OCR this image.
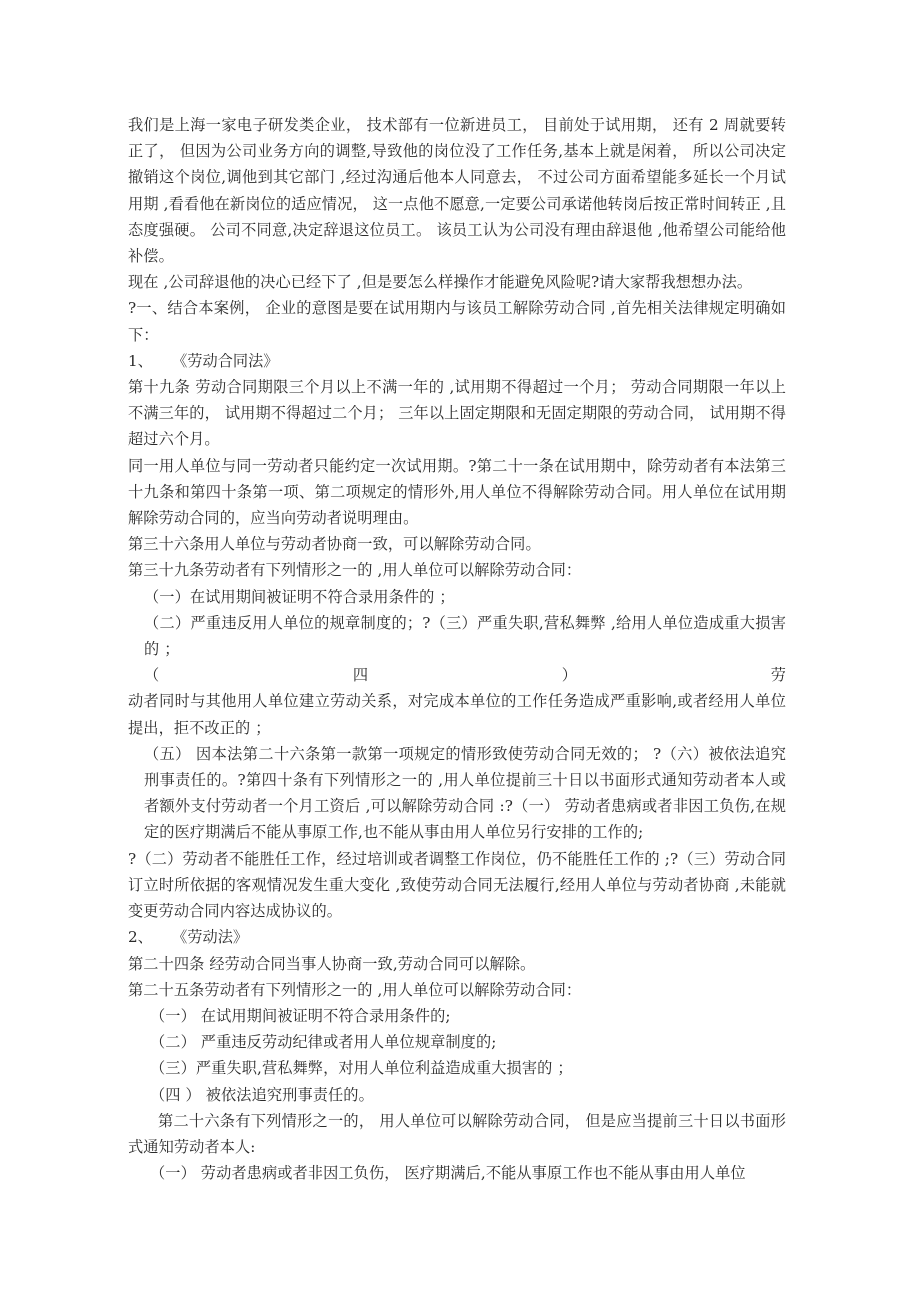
我们是上海一家电子研发类企业， 技术部有一位新进员工， 目前处于试用期， 还有 2 周就要转正了， 但因为公司业务方向的调整,导致他的岗位没了工作任务,基本上就是闲着， 所以公司决定撤销这个岗位,调他到其它部门 ,经过沟通后他本人同意去， 不过公司方面希望能多延长一个月试用期 ,看看他在新岗位的适应情况， 这一点他不愿意,一定要公司承诺他转岗后按正常时间转正 ,且态度强硬。 公司不同意,决定辞退这位员工。 该员工认为公司没有理由辞退他 ,他希望公司能给他补偿。

现在 ,公司辞退他的决心已经下了 ,但是要怎么样操作才能避免风险呢?请大家帮我想想办法。

?一、结合本案例， 企业的意图是要在试用期内与该员工解除劳动合同 ,首先相关法律规定明确如下：

1、    《劳动合同法》

第十九条 劳动合同期限三个月以上不满一年的 ,试用期不得超过一个月； 劳动合同期限一年以上不满三年的， 试用期不得超过二个月； 三年以上固定期限和无固定期限的劳动合同， 试用期不得超过六个月。

同一用人单位与同一劳动者只能约定一次试用期。?第二十一条在试用期中，除劳动者有本法第三十九条和第四十条第一项、第二项规定的情形外,用人单位不得解除劳动合同。用人单位在试用期解除劳动合同的，应当向劳动者说明理由。

第三十六条用人单位与劳动者协商一致，可以解除劳动合同。

第三十九条劳动者有下列情形之一的 ,用人单位可以解除劳动合同：

（一）在试用期间被证明不符合录用条件的 ；

（二）严重违反用人单位的规章制度的；?（三）严重失职,营私舞弊 ,给用人单位造成重大损害的 ；

（四）劳

动者同时与其他用人单位建立劳动关系，对完成本单位的工作任务造成严重影响,或者经用人单位提出，拒不改正的 ；

（五） 因本法第二十六条第一款第一项规定的情形致使劳动合同无效的； ?（六）被依法追究刑事责任的。?第四十条有下列情形之一的 ,用人单位提前三十日以书面形式通知劳动者本人或者额外支付劳动者一个月工资后 ,可以解除劳动合同 :?（一） 劳动者患病或者非因工负伤,在规定的医疗期满后不能从事原工作,也不能从事由用人单位另行安排的工作的;

?（二）劳动者不能胜任工作，经过培训或者调整工作岗位，仍不能胜任工作的 ;?（三）劳动合同订立时所依据的客观情况发生重大变化 ,致使劳动合同无法履行,经用人单位与劳动者协商 ,未能就变更劳动合同内容达成协议的。

2、    《劳动法》

第二十四条 经劳动合同当事人协商一致,劳动合同可以解除。

第二十五条劳动者有下列情形之一的 ,用人单位可以解除劳动合同：

（一） 在试用期间被证明不符合录用条件的;

（二） 严重违反劳动纪律或者用人单位规章制度的;

（三）严重失职,营私舞弊，对用人单位利益造成重大损害的 ；

（四 ） 被依法追究刑事责任的。

第二十六条有下列情形之一的， 用人单位可以解除劳动合同， 但是应当提前三十日以书面形式通知劳动者本人:

（一） 劳动者患病或者非因工负伤， 医疗期满后,不能从事原工作也不能从事由用人单位
